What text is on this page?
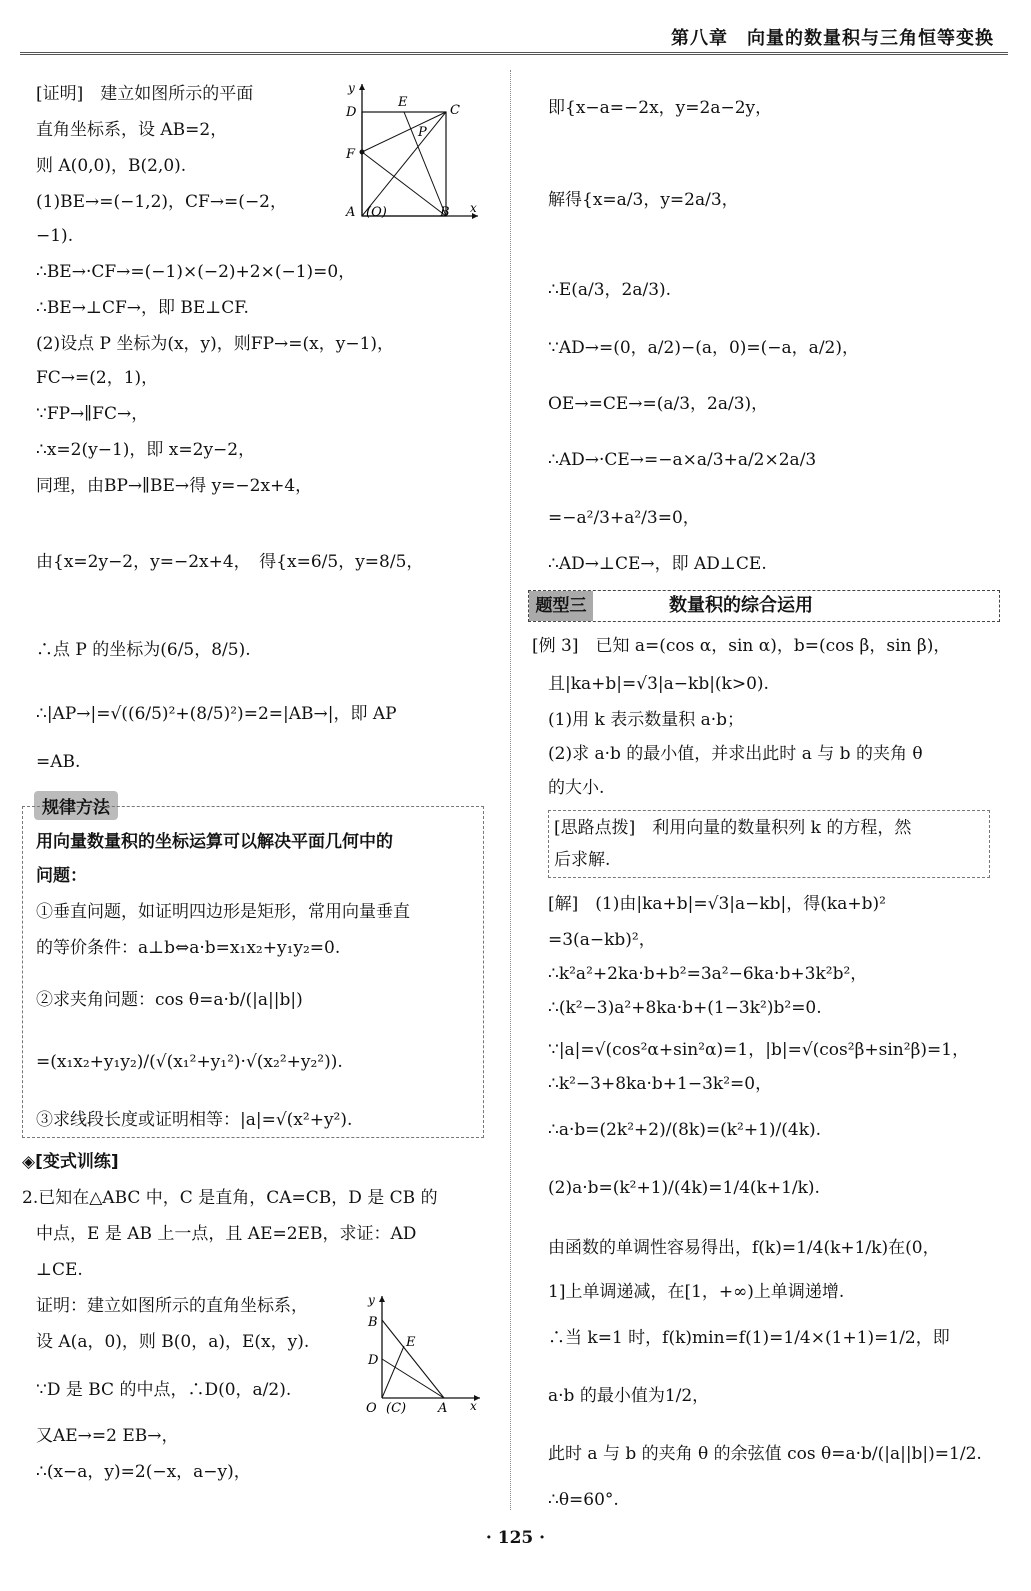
第八章　向量的数量积与三角恒等变换
[证明]　建立如图所示的平面
直角坐标系，设 AB=2，
则 A(0,0)，B(2,0).
(1)BE→=(−1,2)，CF→=(−2，
−1).
∴BE→·CF→=(−1)×(−2)+2×(−1)=0，
∴BE→⊥CF→，即 BE⊥CF.
(2)设点 P 坐标为(x，y)，则FP→=(x，y−1)，
FC→=(2，1)，
∵FP→∥FC→，
∴x=2(y−1)，即 x=2y−2，
同理，由BP→∥BE→得 y=−2x+4，
由{x=2y−2，y=−2x+4，　得{x=6/5，y=8/5，
∴点 P 的坐标为(6/5，8/5).
∴|AP→|=√((6/5)²+(8/5)²)=2=|AB→|，即 AP
=AB.
y
D
E
C
P
F
A (O)	B x
规律方法
用向量数量积的坐标运算可以解决平面几何中的
问题：
①垂直问题，如证明四边形是矩形，常用向量垂直
的等价条件：a⊥b⇔a·b=x₁x₂+y₁y₂=0.
②求夹角问题：cos θ=a·b/(|a||b|)
=(x₁x₂+y₁y₂)/(√(x₁²+y₁²)·√(x₂²+y₂²)).
③求线段长度或证明相等：|a|=√(x²+y²).
◈[变式训练]
2.已知在△ABC 中，C 是直角，CA=CB，D 是 CB 的
中点，E 是 AB 上一点，且 AE=2EB，求证：AD
⊥CE.
证明：建立如图所示的直角坐标系，
设 A(a，0)，则 B(0，a)，E(x，y).
∵D 是 BC 的中点，∴D(0，a/2).
又AE→=2 EB→，
∴(x−a，y)=2(−x，a−y)，
y
B
E
D
O (C) A x
即{x−a=−2x，y=2a−2y，
解得{x=a/3，y=2a/3，
∴E(a/3，2a/3).
∵AD→=(0，a/2)−(a，0)=(−a，a/2)，
OE→=CE→=(a/3，2a/3)，
∴AD→·CE→=−a×a/3+a/2×2a/3
=−a²/3+a²/3=0，
∴AD→⊥CE→，即 AD⊥CE.
题型三	数量积的综合运用
[例 3]　已知 a=(cos α，sin α)，b=(cos β，sin β)，
且|ka+b|=√3|a−kb|(k>0).
(1)用 k 表示数量积 a·b；
(2)求 a·b 的最小值，并求出此时 a 与 b 的夹角 θ
的大小.
[思路点拨]　利用向量的数量积列 k 的方程，然
后求解.
[解]　(1)由|ka+b|=√3|a−kb|，得(ka+b)²
=3(a−kb)²，
∴k²a²+2ka·b+b²=3a²−6ka·b+3k²b²，
∴(k²−3)a²+8ka·b+(1−3k²)b²=0.
∵|a|=√(cos²α+sin²α)=1，|b|=√(cos²β+sin²β)=1，
∴k²−3+8ka·b+1−3k²=0，
∴a·b=(2k²+2)/(8k)=(k²+1)/(4k).
(2)a·b=(k²+1)/(4k)=1/4(k+1/k).
由函数的单调性容易得出，f(k)=1/4(k+1/k)在(0，
1]上单调递减，在[1，+∞)上单调递增.
∴当 k=1 时，f(k)min=f(1)=1/4×(1+1)=1/2，即
a·b 的最小值为1/2，
此时 a 与 b 的夹角 θ 的余弦值 cos θ=a·b/(|a||b|)=1/2.
∴θ=60°.
· 125 ·
